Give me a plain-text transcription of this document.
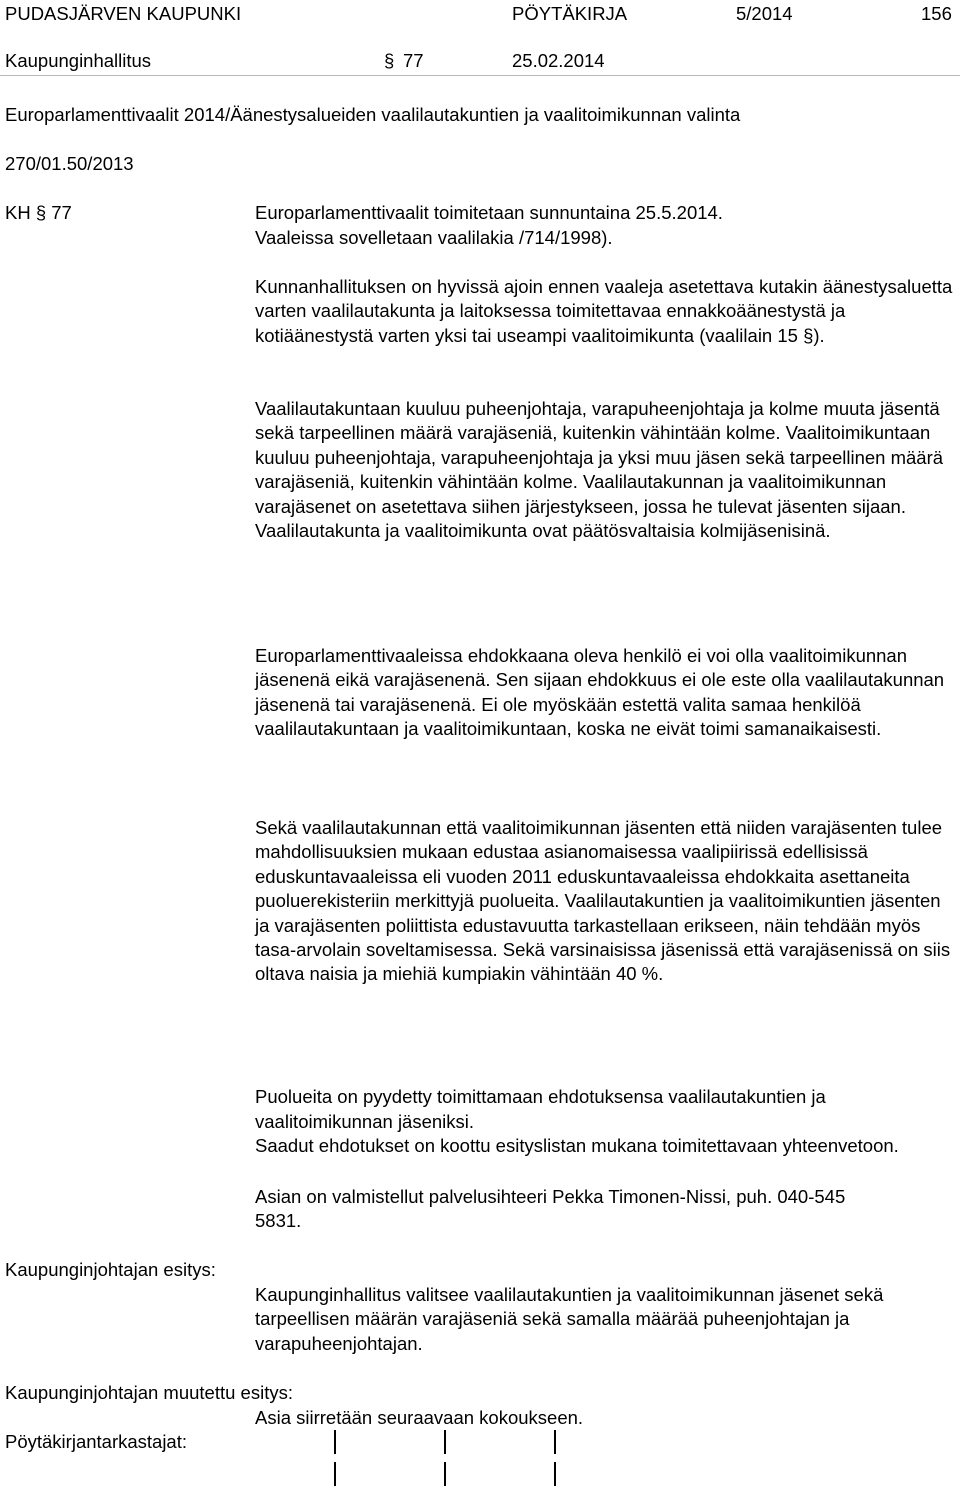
PUDASJÄRVEN KAUPUNKI	PÖYTÄKIRJA	5/2014	156
Kaupunginhallitus	§ 77	25.02.2014
Europarlamenttivaalit 2014/Äänestysalueiden vaalilautakuntien ja vaalitoimikunnan valinta
270/01.50/2013
KH § 77	Europarlamenttivaalit toimitetaan sunnuntaina 25.5.2014.
Vaaleissa sovelletaan vaalilakia /714/1998).

Kunnanhallituksen on hyvissä ajoin ennen vaaleja asetettava kutakin äänestysaluetta varten vaalilautakunta ja laitoksessa toimitettavaa ennakkoäänestystä ja kotiäänestystä varten yksi tai useampi vaalitoimikunta (vaalilain 15 §).

Vaalilautakuntaan kuuluu puheenjohtaja, varapuheenjohtaja ja kolme muuta jäsentä sekä tarpeellinen määrä varajäseniä, kuitenkin vähintään kolme. Vaalitoimikuntaan kuuluu puheenjohtaja, varapuheenjohtaja ja yksi muu jäsen sekä tarpeellinen määrä varajäseniä, kuitenkin vähintään kolme. Vaalilautakunnan ja vaalitoimikunnan varajäsenet on asetettava siihen järjestykseen, jossa he tulevat jäsenten sijaan. Vaalilautakunta ja vaalitoimikunta ovat päätösvaltaisia kolmijäsenisinä.

Europarlamenttivaaleissa ehdokkaana oleva henkilö ei voi olla vaalitoimikunnan jäsenenä eikä varajäsenenä. Sen sijaan ehdokkuus ei ole este olla vaalilautakunnan jäsenenä tai varajäsenenä. Ei ole myöskään estettä valita samaa henkilöä vaalilautakuntaan ja vaalitoimikuntaan, koska ne eivät toimi samanaikaisesti.

Sekä vaalilautakunnan että vaalitoimikunnan jäsenten että niiden varajäsenten tulee mahdollisuuksien mukaan edustaa asianomaisessa vaalipiirissä edellisissä eduskuntavaaleissa eli vuoden 2011 eduskuntavaaleissa ehdokkaita asettaneita puoluerekisteriin merkittyjä puolueita. Vaalilautakuntien ja vaalitoimikuntien jäsenten ja varajäsenten poliittista edustavuutta tarkastellaan erikseen, näin tehdään myös tasa-arvolain soveltamisessa. Sekä varsinaisissa jäsenissä että varajäsenissä on siis oltava naisia ja miehiä kumpiakin vähintään 40 %.

Puolueita on pyydetty toimittamaan ehdotuksensa vaalilautakuntien ja vaalitoimikunnan jäseniksi.
Saadut ehdotukset on koottu esityslistan mukana toimitettavaan yhteenvetoon.

Asian on valmistellut palvelusihteeri Pekka Timonen-Nissi, puh. 040-545 5831.

Kaupunginjohtajan esitys:

Kaupunginhallitus valitsee vaalilautakuntien ja vaalitoimikunnan jäsenet sekä tarpeellisen määrän varajäseniä sekä samalla määrää puheenjohtajan ja varapuheenjohtajan.

Kaupunginjohtajan muutettu esitys:
Asia siirretään seuraavaan kokoukseen.
Pöytäkirjantarkastajat:
